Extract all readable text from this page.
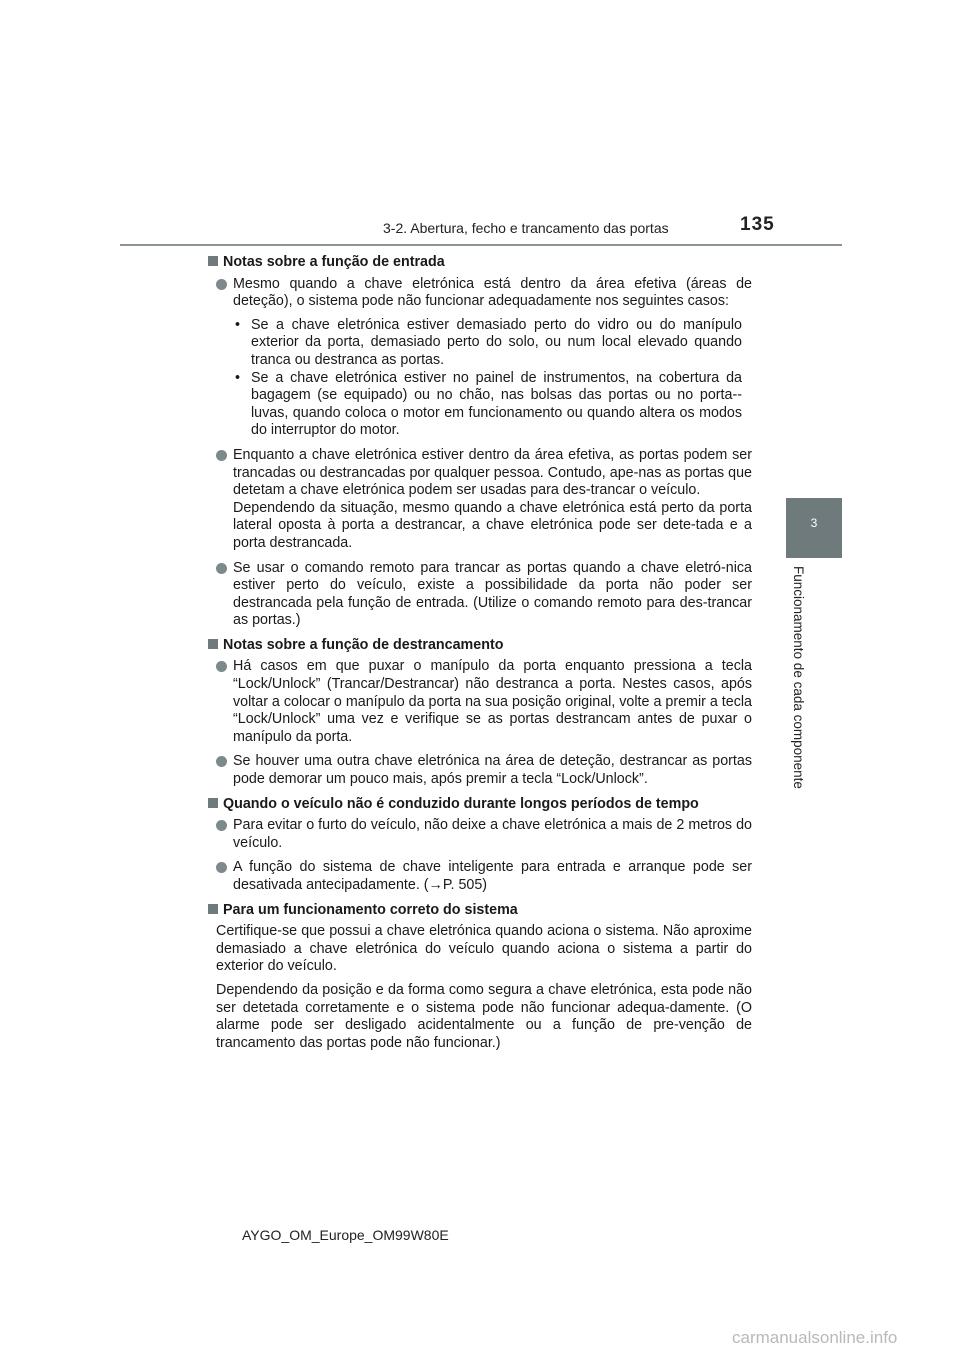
3-2. Abertura, fecho e trancamento das portas	135
3
Funcionamento de cada componente
Notas sobre a função de entrada
Mesmo quando a chave eletrónica está dentro da área efetiva (áreas de deteção), o sistema pode não funcionar adequadamente nos seguintes casos:
• Se a chave eletrónica estiver demasiado perto do vidro ou do manípulo exterior da porta, demasiado perto do solo, ou num local elevado quando tranca ou destranca as portas.
• Se a chave eletrónica estiver no painel de instrumentos, na cobertura da bagagem (se equipado) ou no chão, nas bolsas das portas ou no porta--luvas, quando coloca o motor em funcionamento ou quando altera os modos do interruptor do motor.
Enquanto a chave eletrónica estiver dentro da área efetiva, as portas podem ser trancadas ou destrancadas por qualquer pessoa. Contudo, ape-nas as portas que detetam a chave eletrónica podem ser usadas para des-trancar o veículo.
Dependendo da situação, mesmo quando a chave eletrónica está perto da porta lateral oposta à porta a destrancar, a chave eletrónica pode ser dete-tada e a porta destrancada.
Se usar o comando remoto para trancar as portas quando a chave eletró-nica estiver perto do veículo, existe a possibilidade da porta não poder ser destrancada pela função de entrada. (Utilize o comando remoto para des-trancar as portas.)
Notas sobre a função de destrancamento
Há casos em que puxar o manípulo da porta enquanto pressiona a tecla “Lock/Unlock” (Trancar/Destrancar) não destranca a porta. Nestes casos, após voltar a colocar o manípulo da porta na sua posição original, volte a premir a tecla “Lock/Unlock” uma vez e verifique se as portas destrancam antes de puxar o manípulo da porta.
Se houver uma outra chave eletrónica na área de deteção, destrancar as portas pode demorar um pouco mais, após premir a tecla “Lock/Unlock”.
Quando o veículo não é conduzido durante longos períodos de tempo
Para evitar o furto do veículo, não deixe a chave eletrónica a mais de 2 metros do veículo.
A função do sistema de chave inteligente para entrada e arranque pode ser desativada antecipadamente. (→P. 505)
Para um funcionamento correto do sistema
Certifique-se que possui a chave eletrónica quando aciona o sistema. Não aproxime demasiado a chave eletrónica do veículo quando aciona o sistema a partir do exterior do veículo.
Dependendo da posição e da forma como segura a chave eletrónica, esta pode não ser detetada corretamente e o sistema pode não funcionar adequa-damente. (O alarme pode ser desligado acidentalmente ou a função de pre-venção de trancamento das portas pode não funcionar.)
AYGO_OM_Europe_OM99W80E
carmanualsonline.info
